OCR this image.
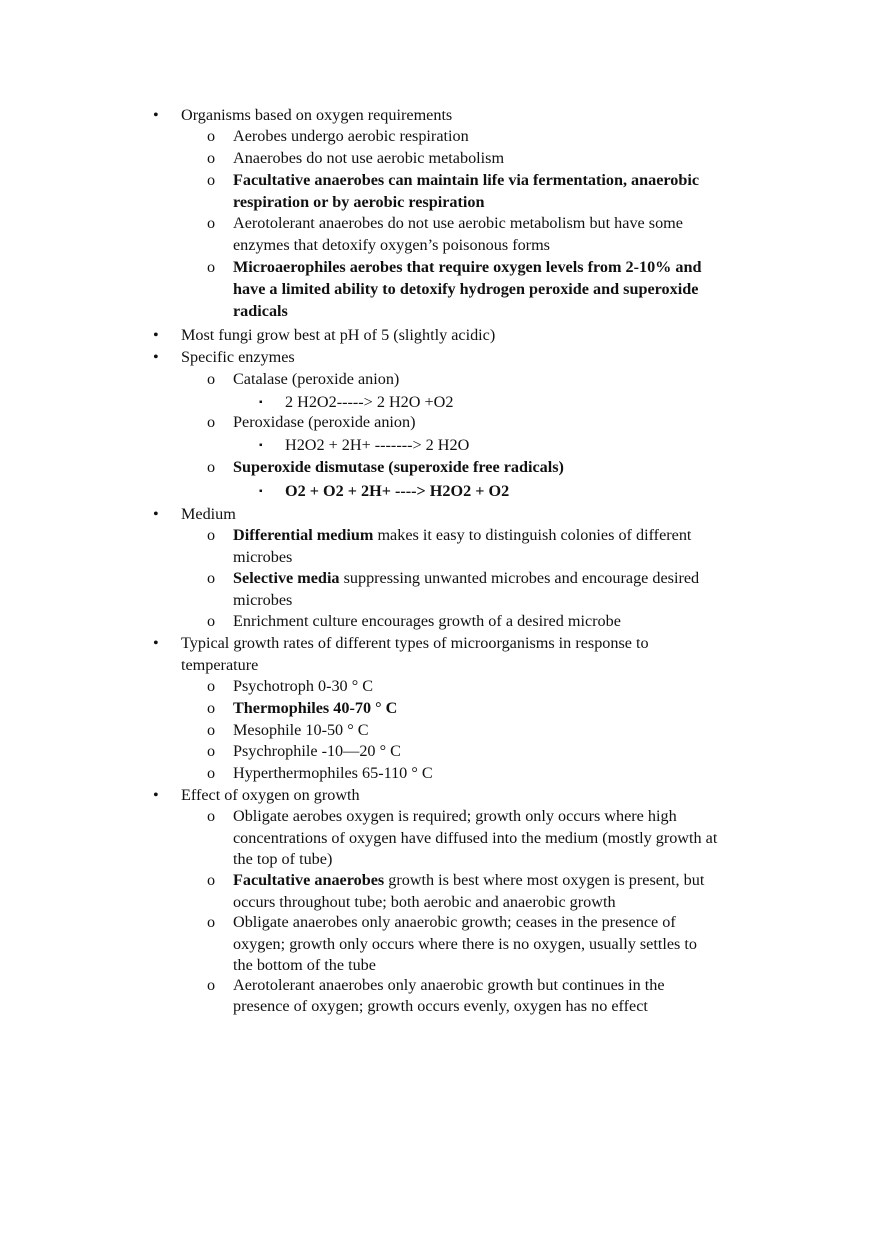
• Organisms based on oxygen requirements
o Aerobes undergo aerobic respiration
o Anaerobes do not use aerobic metabolism
o Facultative anaerobes can maintain life via fermentation, anaerobic
respiration or by aerobic respiration
o Aerotolerant anaerobes do not use aerobic metabolism but have some
enzymes that detoxify oxygen’s poisonous forms
o Microaerophiles aerobes that require oxygen levels from 2-10% and
have a limited ability to detoxify hydrogen peroxide and superoxide
radicals
• Most fungi grow best at pH of 5 (slightly acidic)
• Specific enzymes
o Catalase (peroxide anion)
▪ 2 H2O2-----> 2 H2O +O2
o Peroxidase (peroxide anion)
▪ H2O2 + 2H+ -------> 2 H2O
o Superoxide dismutase (superoxide free radicals)
▪ O2 + O2 + 2H+ ----> H2O2 + O2
• Medium
o Differential medium makes it easy to distinguish colonies of different
microbes
o Selective media suppressing unwanted microbes and encourage desired
microbes
o Enrichment culture encourages growth of a desired microbe
• Typical growth rates of different types of microorganisms in response to
temperature
o Psychotroph 0-30 ° C
o Thermophiles 40-70 ° C
o Mesophile 10-50 ° C
o Psychrophile -10—20 ° C
o Hyperthermophiles 65-110 ° C
• Effect of oxygen on growth
o Obligate aerobes oxygen is required; growth only occurs where high
concentrations of oxygen have diffused into the medium (mostly growth at
the top of tube)
o Facultative anaerobes growth is best where most oxygen is present, but
occurs throughout tube; both aerobic and anaerobic growth
o Obligate anaerobes only anaerobic growth; ceases in the presence of
oxygen; growth only occurs where there is no oxygen, usually settles to
the bottom of the tube
o Aerotolerant anaerobes only anaerobic growth but continues in the
presence of oxygen; growth occurs evenly, oxygen has no effect
